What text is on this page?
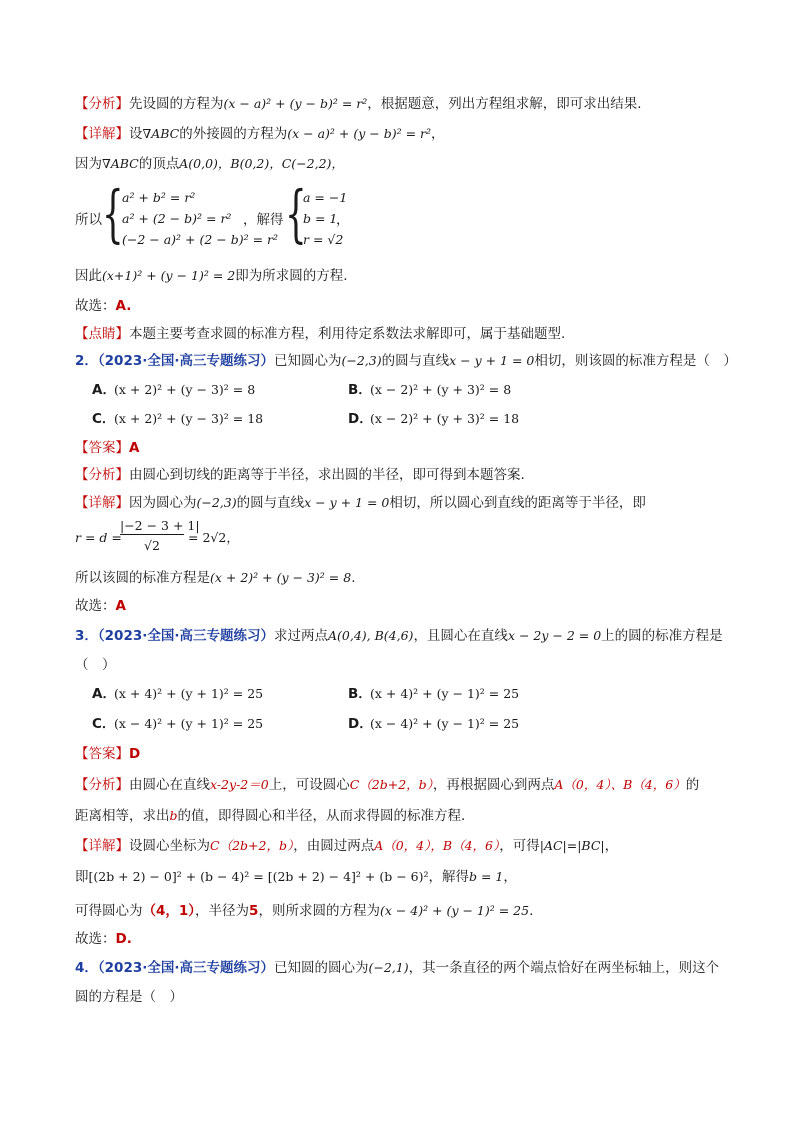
【分析】先设圆的方程为(x − a)² + (y − b)² = r²，根据题意，列出方程组求解，即可求出结果.
【详解】设∇ABC的外接圆的方程为(x − a)² + (y − b)² = r²，
因为∇ABC的顶点A(0,0)，B(0,2)，C(−2,2)，
所以 {
a² + b² = r²
a² + (2 − b)² = r²
(−2 − a)² + (2 − b)² = r²
，解得 {
a = −1
b = 1
r = √2
，
因此(x+1)² + (y − 1)² = 2即为所求圆的方程.
故选：A.
【点睛】本题主要考查求圆的标准方程，利用待定系数法求解即可，属于基础题型.
2．（2023·全国·高三专题练习）已知圆心为(−2,3)的圆与直线x − y + 1 = 0相切，则该圆的标准方程是（　）
A．(x + 2)² + (y − 3)² = 8	B．(x − 2)² + (y + 3)² = 8
C．(x + 2)² + (y − 3)² = 18	D．(x − 2)² + (y + 3)² = 18
【答案】A
【分析】由圆心到切线的距离等于半径，求出圆的半径，即可得到本题答案.
【详解】因为圆心为(−2,3)的圆与直线x − y + 1 = 0相切，所以圆心到直线的距离等于半径，即
r = d =
|−2 − 3 + 1|
√2
= 2√2，
所以该圆的标准方程是(x + 2)² + (y − 3)² = 8.
故选：A
3．（2023·全国·高三专题练习）求过两点A(0,4), B(4,6)，且圆心在直线x − 2y − 2 = 0上的圆的标准方程是
（　）
A．(x + 4)² + (y + 1)² = 25	B．(x + 4)² + (y − 1)² = 25
C．(x − 4)² + (y + 1)² = 25	D．(x − 4)² + (y − 1)² = 25
【答案】D
【分析】由圆心在直线x-2y-2＝0上，可设圆心C（2b+2，b），再根据圆心到两点A（0，4）、B（4，6）的
距离相等，求出b的值，即得圆心和半径，从而求得圆的标准方程．
【详解】设圆心坐标为C（2b+2，b），由圆过两点A（0，4），B（4，6），可得|AC|=|BC|，
即[(2b + 2) − 0]² + (b − 4)² = [(2b + 2) − 4]² + (b − 6)²，解得b = 1，
可得圆心为（4，1），半径为5，则所求圆的方程为(x − 4)² + (y − 1)² = 25.
故选：D.
4．（2023·全国·高三专题练习）已知圆的圆心为(−2,1)，其一条直径的两个端点恰好在两坐标轴上，则这个
圆的方程是（　）
